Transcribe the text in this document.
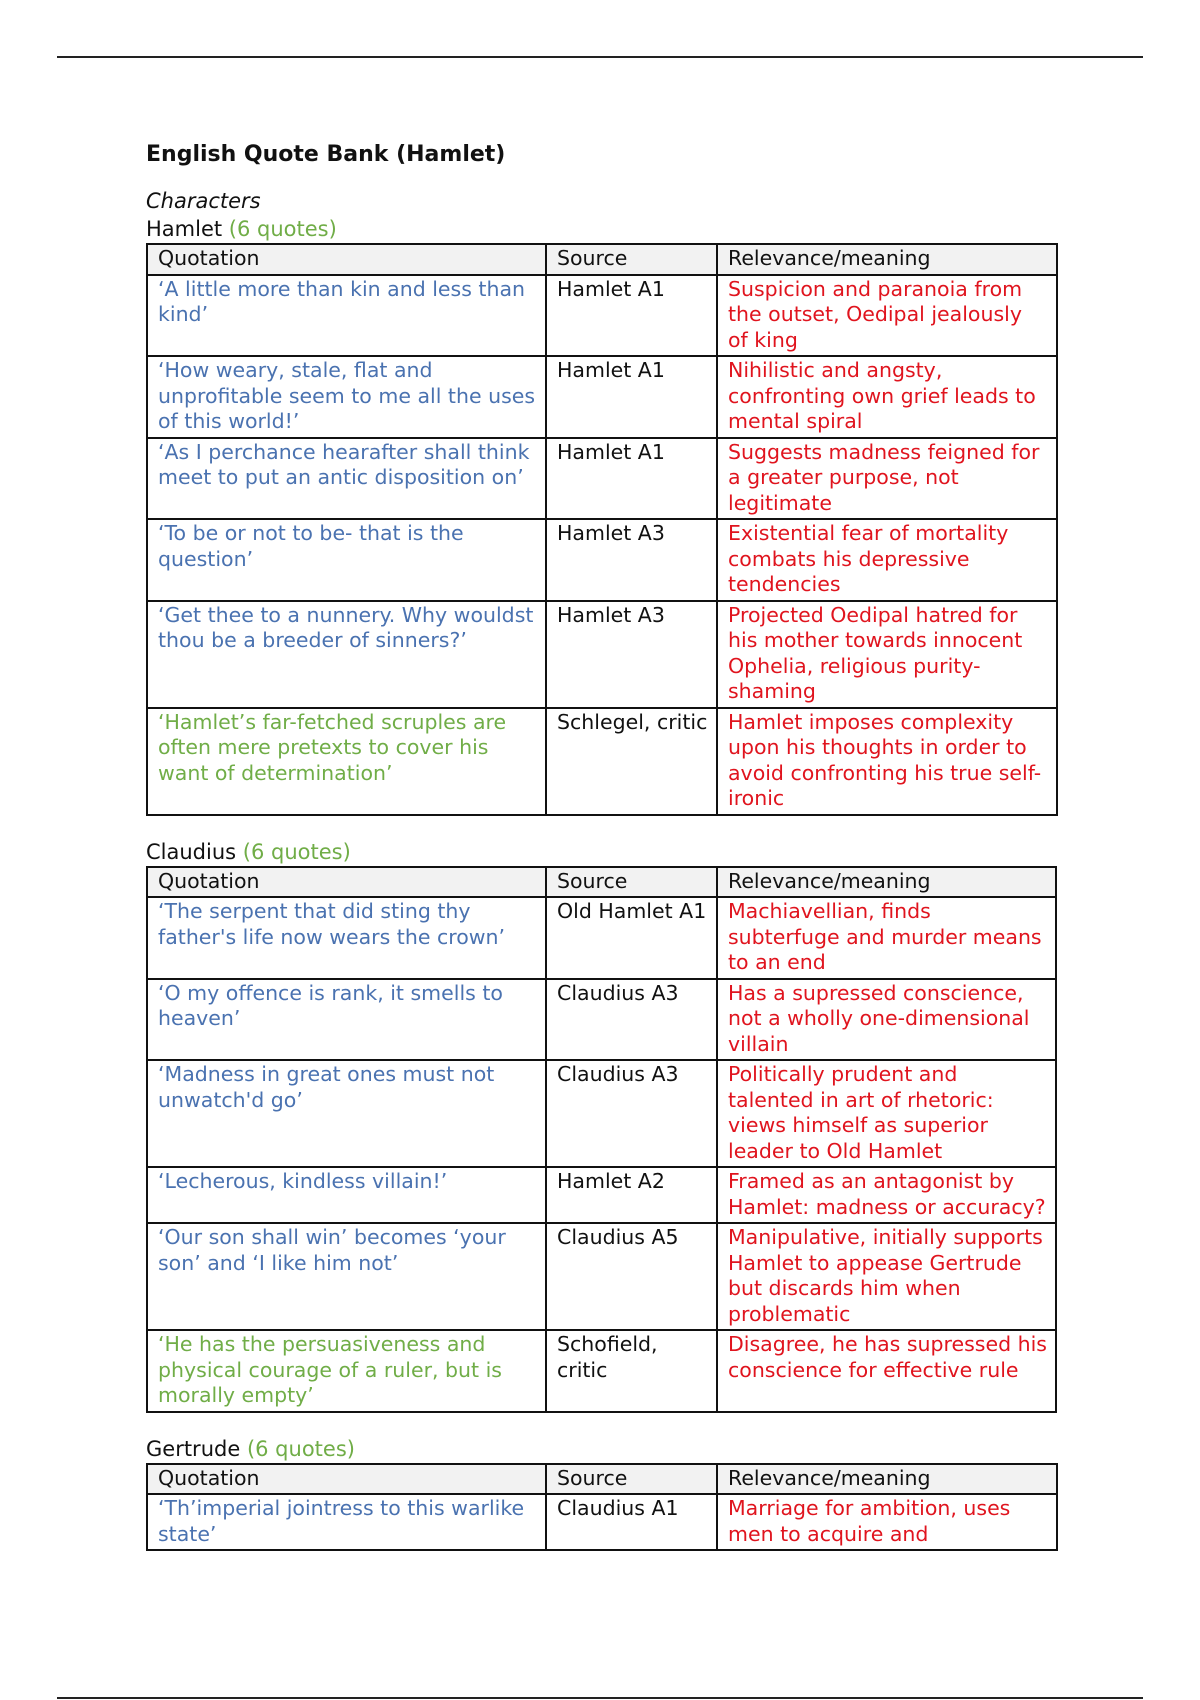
English Quote Bank (Hamlet)

Characters

Hamlet (6 quotes)

Quotation	Source	Relevance/meaning
‘A little more than kin and less than kind’	Hamlet A1	Suspicion and paranoia from the outset, Oedipal jealously of king
‘How weary, stale, flat and unprofitable seem to me all the uses of this world!’	Hamlet A1	Nihilistic and angsty, confronting own grief leads to mental spiral
‘As I perchance hearafter shall think meet to put an antic disposition on’	Hamlet A1	Suggests madness feigned for a greater purpose, not legitimate
‘To be or not to be- that is the question’	Hamlet A3	Existential fear of mortality combats his depressive tendencies
‘Get thee to a nunnery. Why wouldst thou be a breeder of sinners?’	Hamlet A3	Projected Oedipal hatred for his mother towards innocent Ophelia, religious purity-shaming
‘Hamlet’s far-fetched scruples are often mere pretexts to cover his want of determination’	Schlegel, critic	Hamlet imposes complexity upon his thoughts in order to avoid confronting his true self- ironic

Claudius (6 quotes)

Quotation	Source	Relevance/meaning
‘The serpent that did sting thy father's life now wears the crown’	Old Hamlet A1	Machiavellian, finds subterfuge and murder means to an end
‘O my offence is rank, it smells to heaven’	Claudius A3	Has a supressed conscience, not a wholly one-dimensional villain
‘Madness in great ones must not unwatch'd go’	Claudius A3	Politically prudent and talented in art of rhetoric: views himself as superior leader to Old Hamlet
‘Lecherous, kindless villain!’	Hamlet A2	Framed as an antagonist by Hamlet: madness or accuracy?
‘Our son shall win’ becomes ‘your son’ and ‘I like him not’	Claudius A5	Manipulative, initially supports Hamlet to appease Gertrude but discards him when problematic
‘He has the persuasiveness and physical courage of a ruler, but is morally empty’	Schofield, critic	Disagree, he has supressed his conscience for effective rule

Gertrude (6 quotes)

Quotation	Source	Relevance/meaning
‘Th’imperial jointress to this warlike state’	Claudius A1	Marriage for ambition, uses men to acquire and
